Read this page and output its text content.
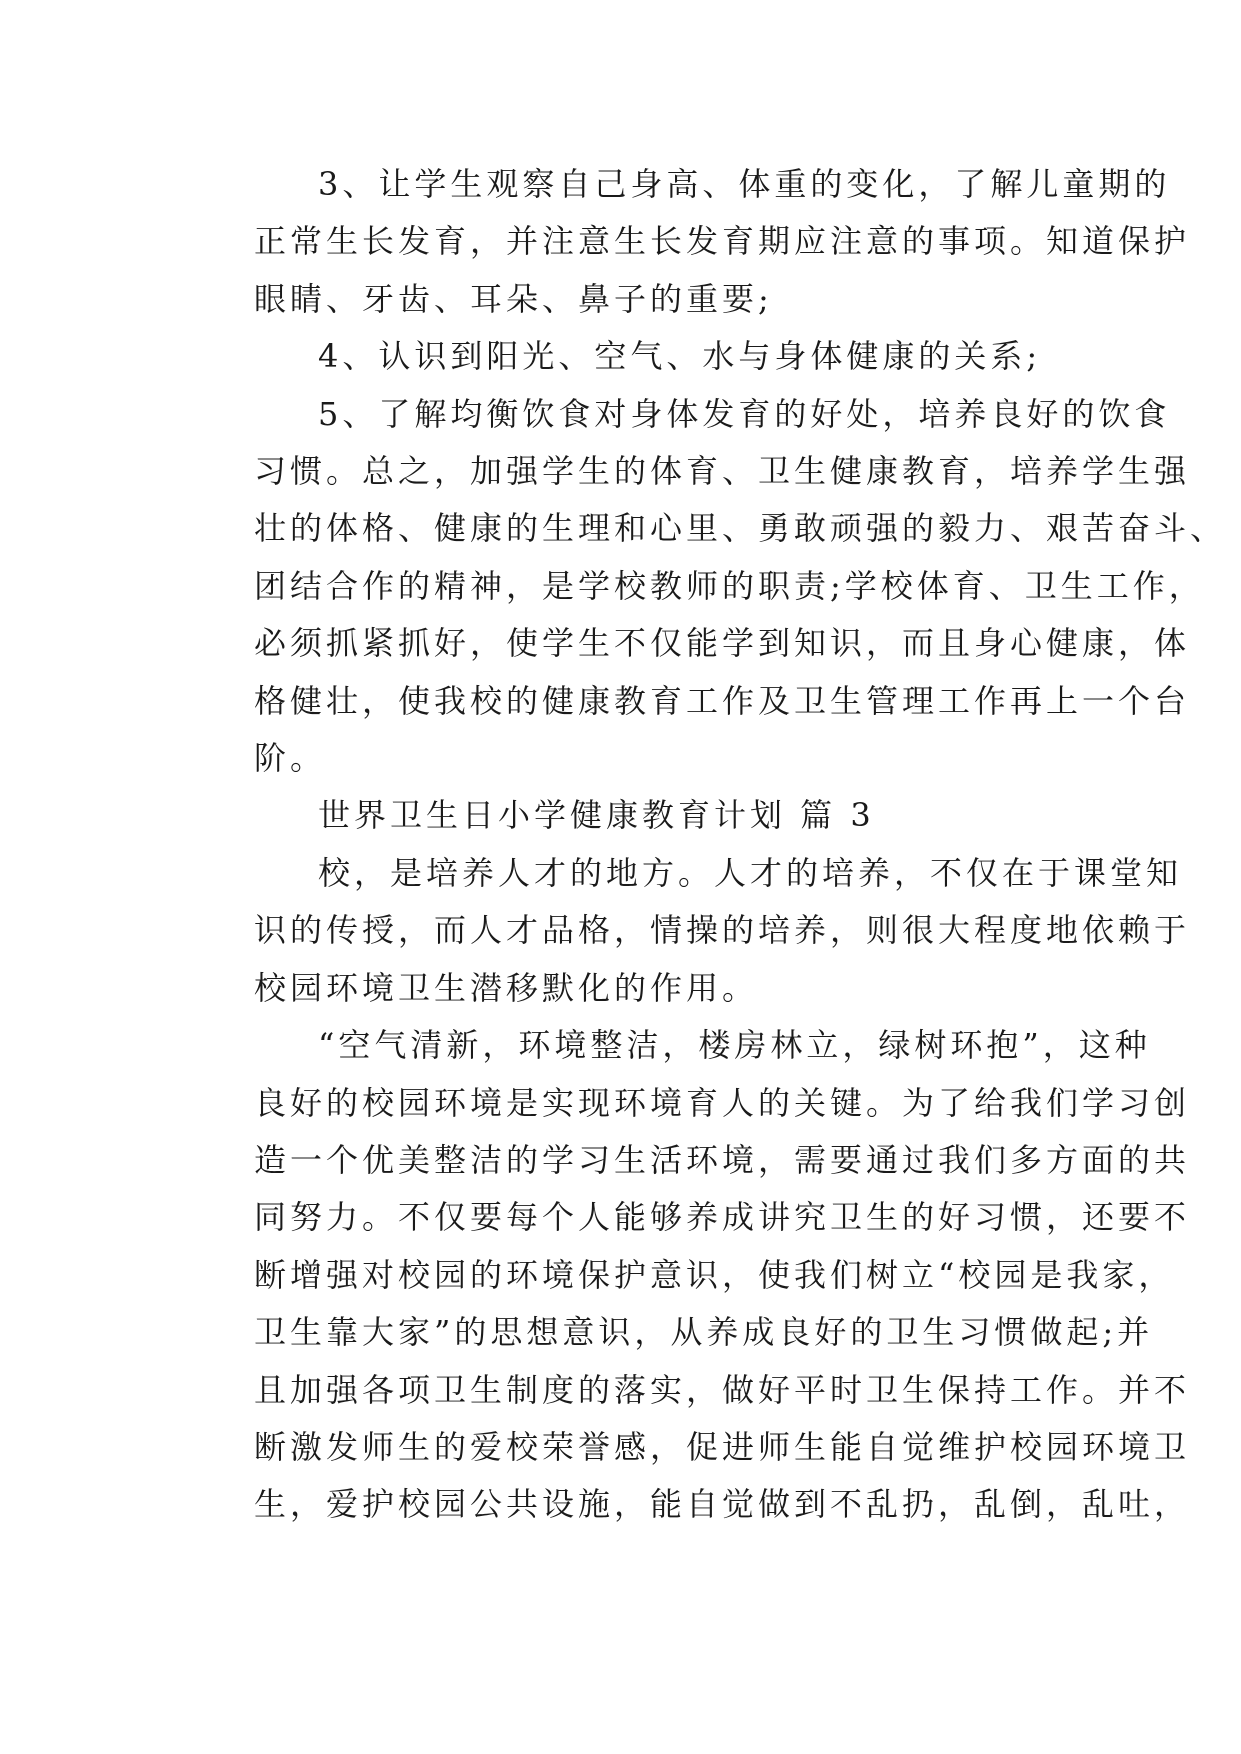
3、让学生观察自己身高、体重的变化，了解儿童期的
正常生长发育，并注意生长发育期应注意的事项。知道保护
眼睛、牙齿、耳朵、鼻子的重要;

4、认识到阳光、空气、水与身体健康的关系;

5、了解均衡饮食对身体发育的好处，培养良好的饮食
习惯。总之，加强学生的体育、卫生健康教育，培养学生强
壮的体格、健康的生理和心里、勇敢顽强的毅力、艰苦奋斗、
团结合作的精神，是学校教师的职责;学校体育、卫生工作，
必须抓紧抓好，使学生不仅能学到知识，而且身心健康，体
格健壮，使我校的健康教育工作及卫生管理工作再上一个台
阶。

世界卫生日小学健康教育计划 篇 3

校，是培养人才的地方。人才的培养，不仅在于课堂知
识的传授，而人才品格，情操的培养，则很大程度地依赖于
校园环境卫生潜移默化的作用。

“空气清新，环境整洁，楼房林立，绿树环抱”，这种
良好的校园环境是实现环境育人的关键。为了给我们学习创
造一个优美整洁的学习生活环境，需要通过我们多方面的共
同努力。不仅要每个人能够养成讲究卫生的好习惯，还要不
断增强对校园的环境保护意识，使我们树立“校园是我家，
卫生靠大家”的思想意识，从养成良好的卫生习惯做起;并
且加强各项卫生制度的落实，做好平时卫生保持工作。并不
断激发师生的爱校荣誉感，促进师生能自觉维护校园环境卫
生，爱护校园公共设施，能自觉做到不乱扔，乱倒，乱吐，
